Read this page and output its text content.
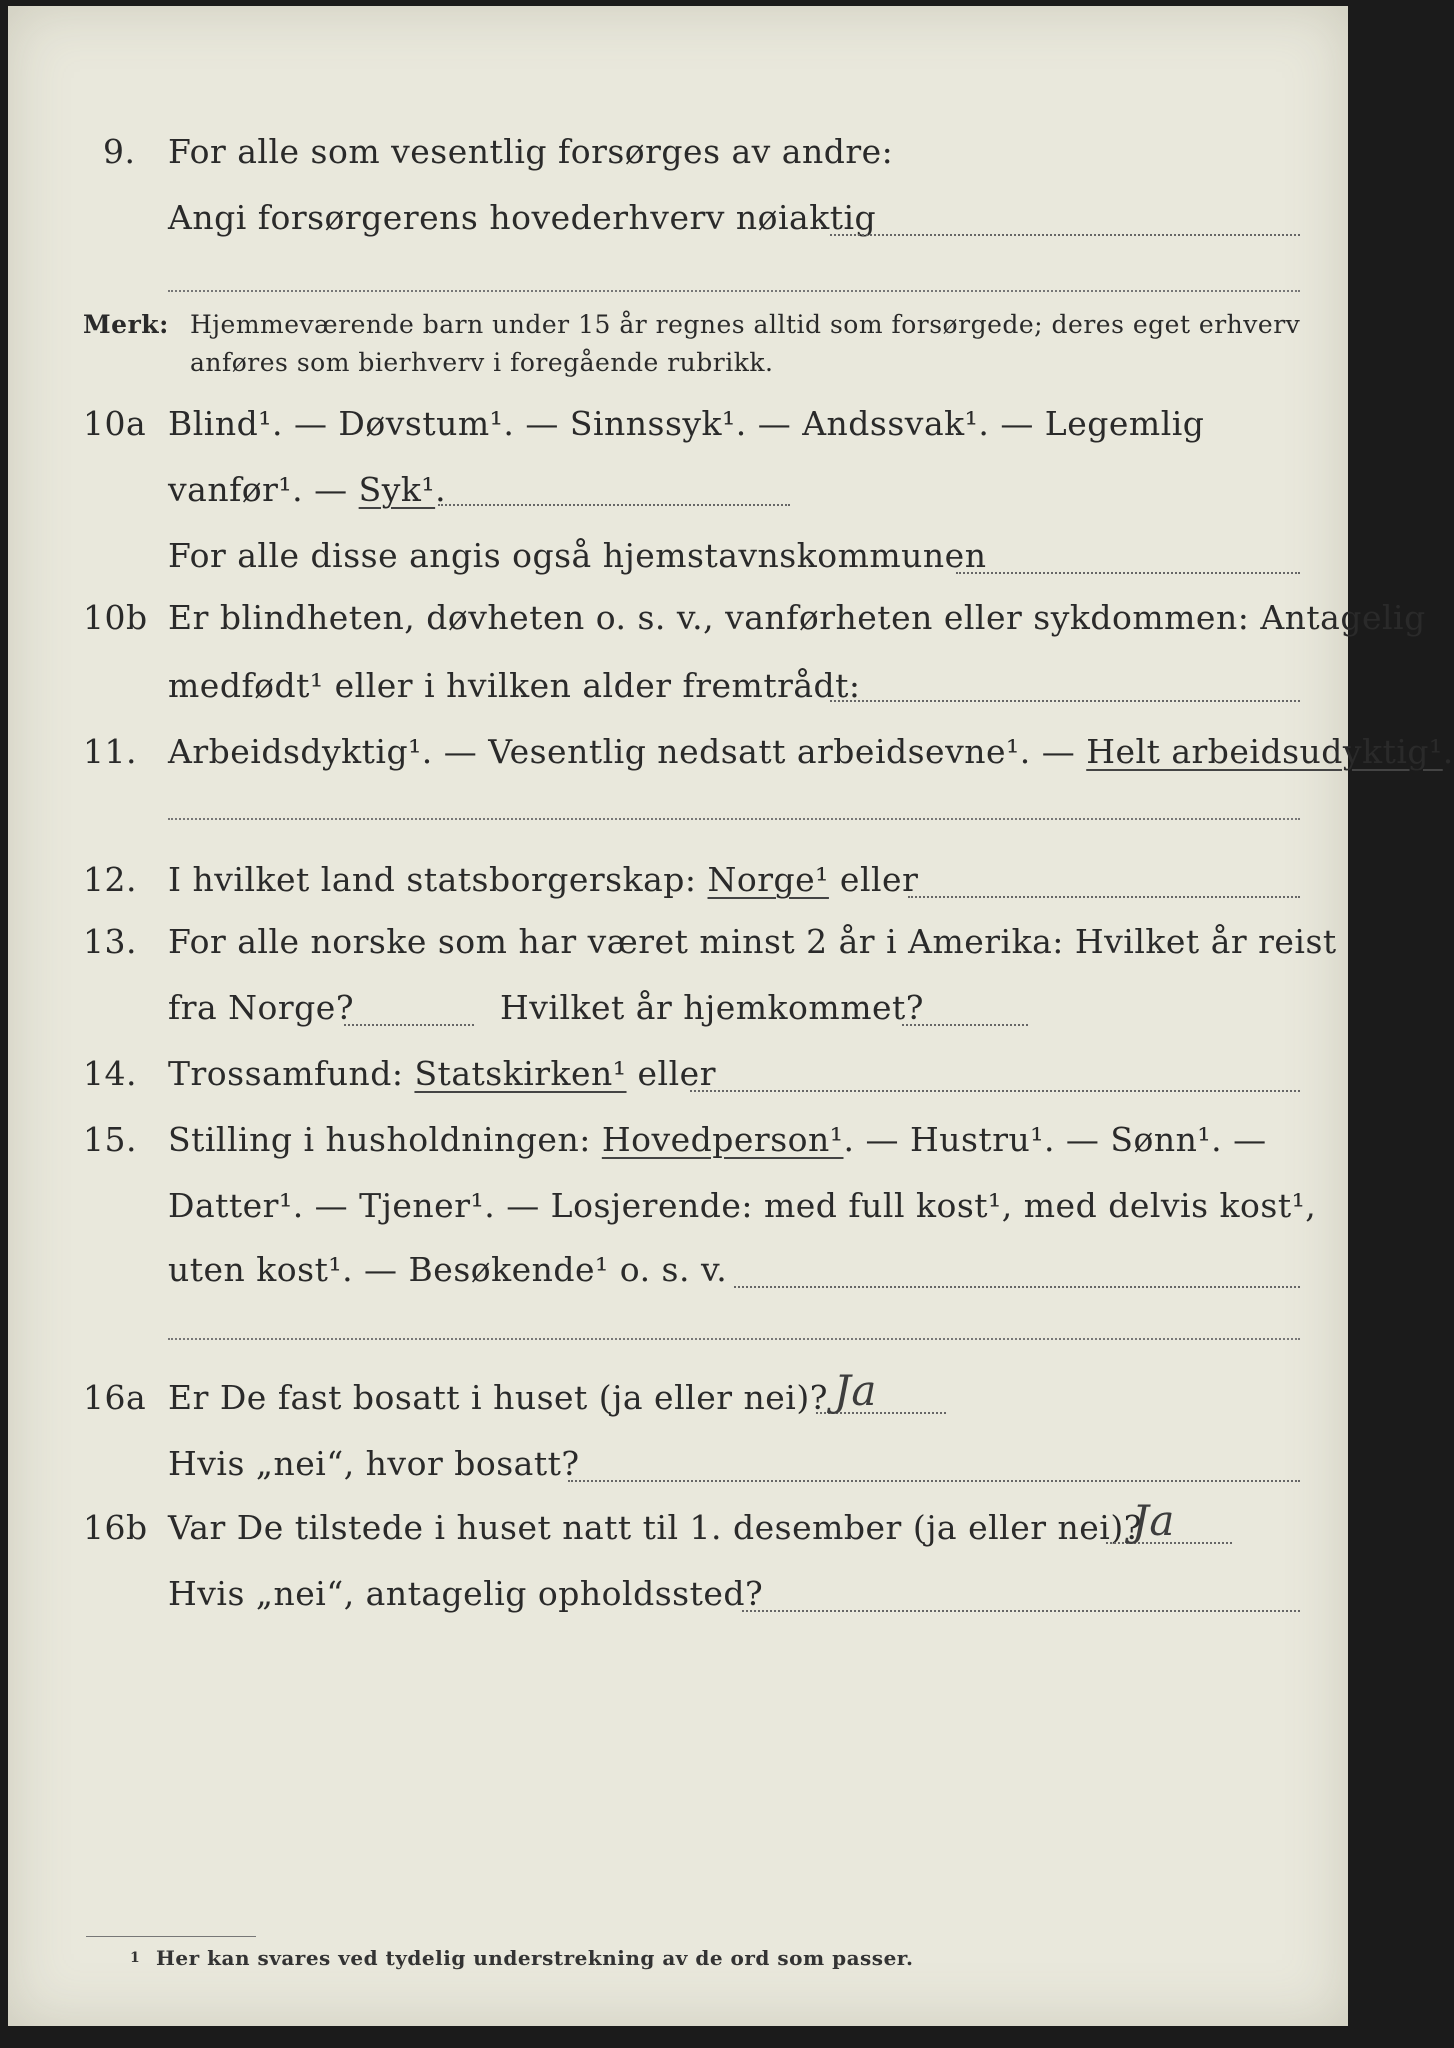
9. For alle som vesentlig forsørges av andre:
Angi forsørgerens hovederhverv nøiaktig
Merk: Hjemmeværende barn under 15 år regnes alltid som forsørgede; deres eget erhverv
anføres som bierhverv i foregående rubrikk.
10a Blind¹. — Døvstum¹. — Sinnssyk¹. — Andssvak¹. — Legemlig
vanfør¹. — Syk¹.
For alle disse angis også hjemstavnskommunen
10b Er blindheten, døvheten o. s. v., vanførheten eller sykdommen: Antagelig
medfødt¹ eller i hvilken alder fremtrådt:
11. Arbeidsdyktig¹. — Vesentlig nedsatt arbeidsevne¹. — Helt arbeidsudyktig¹.
12. I hvilket land statsborgerskap: Norge¹ eller
13. For alle norske som har været minst 2 år i Amerika: Hvilket år reist
fra Norge?	Hvilket år hjemkommet?
14. Trossamfund: Statskirken¹ eller
15. Stilling i husholdningen: Hovedperson¹. — Hustru¹. — Sønn¹. —
Datter¹. — Tjener¹. — Losjerende: med full kost¹, med delvis kost¹,
uten kost¹. — Besøkende¹ o. s. v.
16a Er De fast bosatt i huset (ja eller nei)? Ja
Hvis „nei“, hvor bosatt?
16b Var De tilstede i huset natt til 1. desember (ja eller nei)?
Ja
Hvis „nei“, antagelig opholdssted?
1 Her kan svares ved tydelig understrekning av de ord som passer.
